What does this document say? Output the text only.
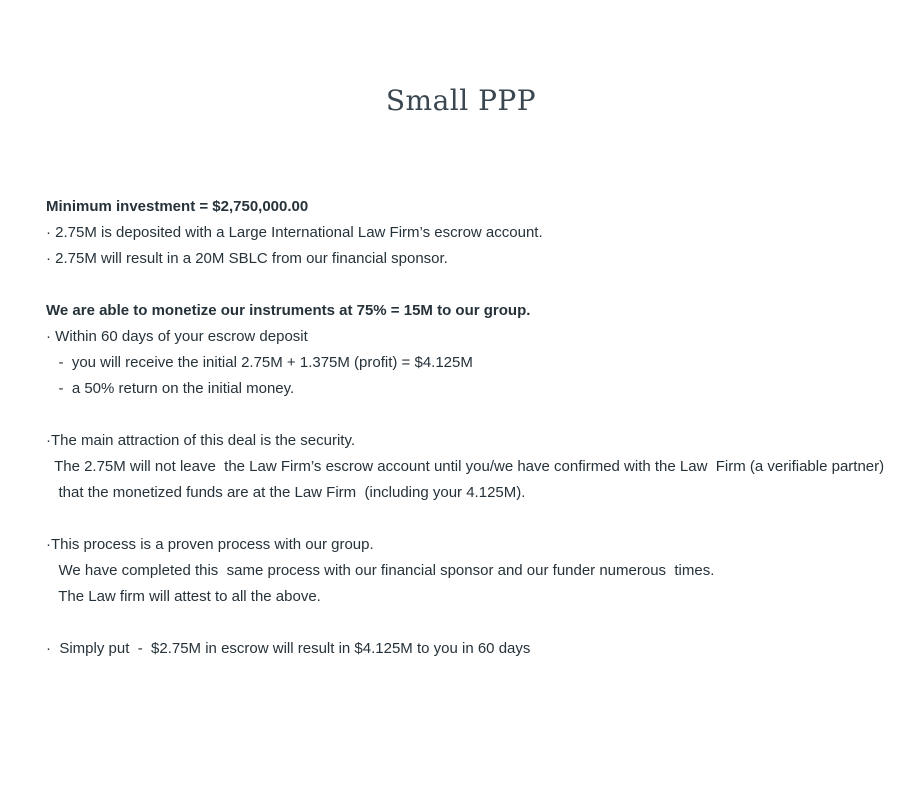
Small PPP
Minimum investment = $2,750,000.00
· 2.75M is deposited with a Large International Law Firm’s escrow account.
· 2.75M will result in a 20M SBLC from our financial sponsor.
We are able to monetize our instruments at 75% = 15M to our group.
· Within 60 days of your escrow deposit
-  you will receive the initial 2.75M + 1.375M (profit) = $4.125M
-  a 50% return on the initial money.
·The main attraction of this deal is the security.
The 2.75M will not leave  the Law Firm’s escrow account until you/we have confirmed with the Law  Firm (a verifiable partner)
that the monetized funds are at the Law Firm  (including your 4.125M).
·This process is a proven process with our group.
We have completed this  same process with our financial sponsor and our funder numerous  times.
The Law firm will attest to all the above.
·  Simply put  -  $2.75M in escrow will result in $4.125M to you in 60 days
